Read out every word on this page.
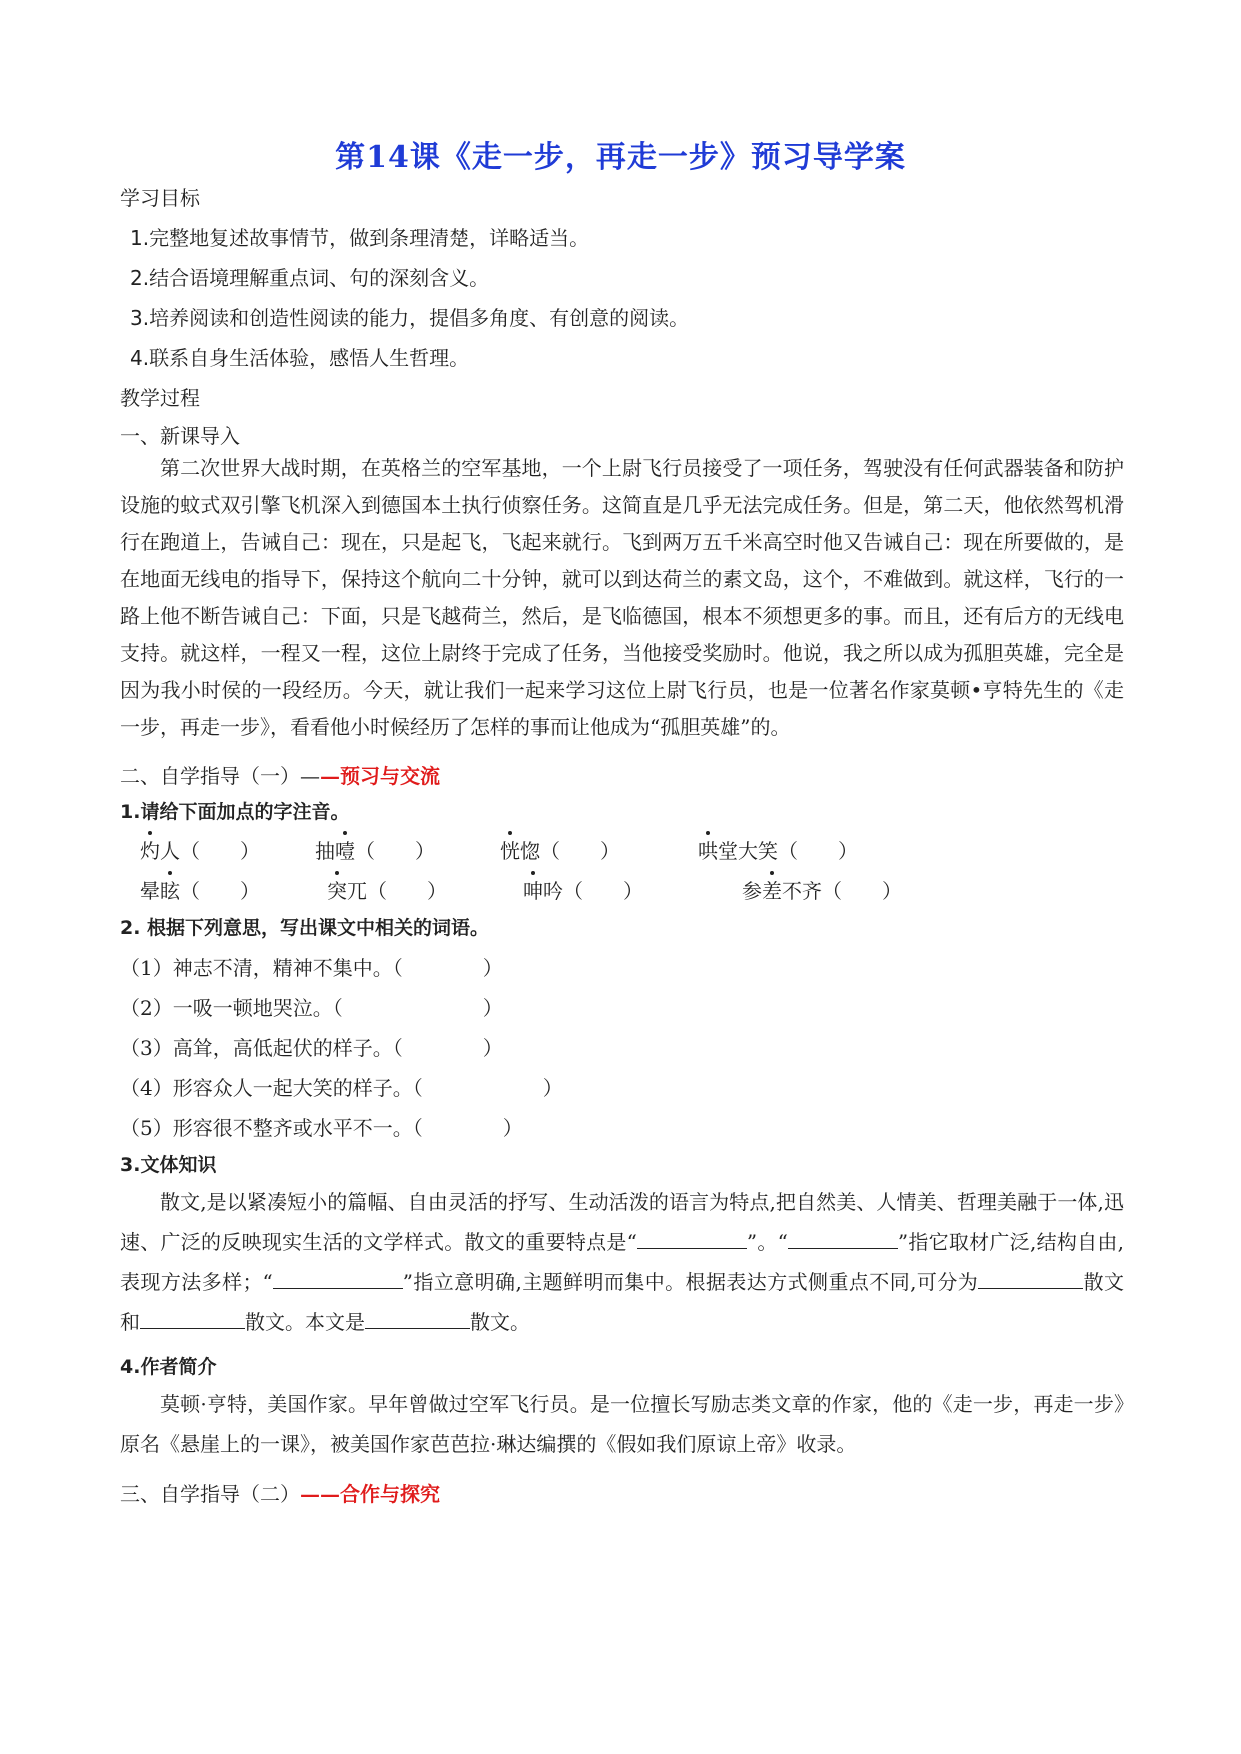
第14课《走一步，再走一步》预习导学案
学习目标
1.完整地复述故事情节，做到条理清楚，详略适当。
2.结合语境理解重点词、句的深刻含义。
3.培养阅读和创造性阅读的能力，提倡多角度、有创意的阅读。
4.联系自身生活体验，感悟人生哲理。
教学过程
一、新课导入
第二次世界大战时期，在英格兰的空军基地，一个上尉飞行员接受了一项任务，驾驶没有任何武器装备和防护设施的蚊式双引擎飞机深入到德国本土执行侦察任务。这简直是几乎无法完成任务。但是，第二天，他依然驾机滑行在跑道上，告诫自己：现在，只是起飞，飞起来就行。飞到两万五千米高空时他又告诫自己：现在所要做的，是在地面无线电的指导下，保持这个航向二十分钟，就可以到达荷兰的素文岛，这个，不难做到。就这样，飞行的一路上他不断告诫自己：下面，只是飞越荷兰，然后，是飞临德国，根本不须想更多的事。而且，还有后方的无线电支持。就这样，一程又一程，这位上尉终于完成了任务，当他接受奖励时。他说，我之所以成为孤胆英雄，完全是因为我小时侯的一段经历。今天，就让我们一起来学习这位上尉飞行员，也是一位著名作家莫顿•亨特先生的《走一步，再走一步》，看看他小时候经历了怎样的事而让他成为“孤胆英雄”的。
二、自学指导（一）——预习与交流
1.请给下面加点的字注音。
灼人（　　）	抽噎（　　）	恍惚（　　）	哄堂大笑（　　）
晕眩（　　）	突兀（　　）	呻吟（　　）	参差不齐（　　）
2. 根据下列意思，写出课文中相关的词语。
（1）神志不清，精神不集中。（　　　　）
（2）一吸一顿地哭泣。（　　　　　　　）
（3）高耸，高低起伏的样子。（　　　　）
（4）形容众人一起大笑的样子。（　　　　　　）
（5）形容很不整齐或水平不一。（　　　　）
3.文体知识
散文,是以紧凑短小的篇幅、自由灵活的抒写、生动活泼的语言为特点,把自然美、人情美、哲理美融于一体,迅速、广泛的反映现实生活的文学样式。散文的重要特点是“	”。“	”指它取材广泛,结构自由,表现方法多样；“	”指立意明确,主题鲜明而集中。根据表达方式侧重点不同,可分为	散文和	散文。本文是	散文。
4.作者简介
莫顿·亨特，美国作家。早年曾做过空军飞行员。是一位擅长写励志类文章的作家，他的《走一步，再走一步》原名《悬崖上的一课》，被美国作家芭芭拉·琳达编撰的《假如我们原谅上帝》收录。
三、自学指导（二）——合作与探究
